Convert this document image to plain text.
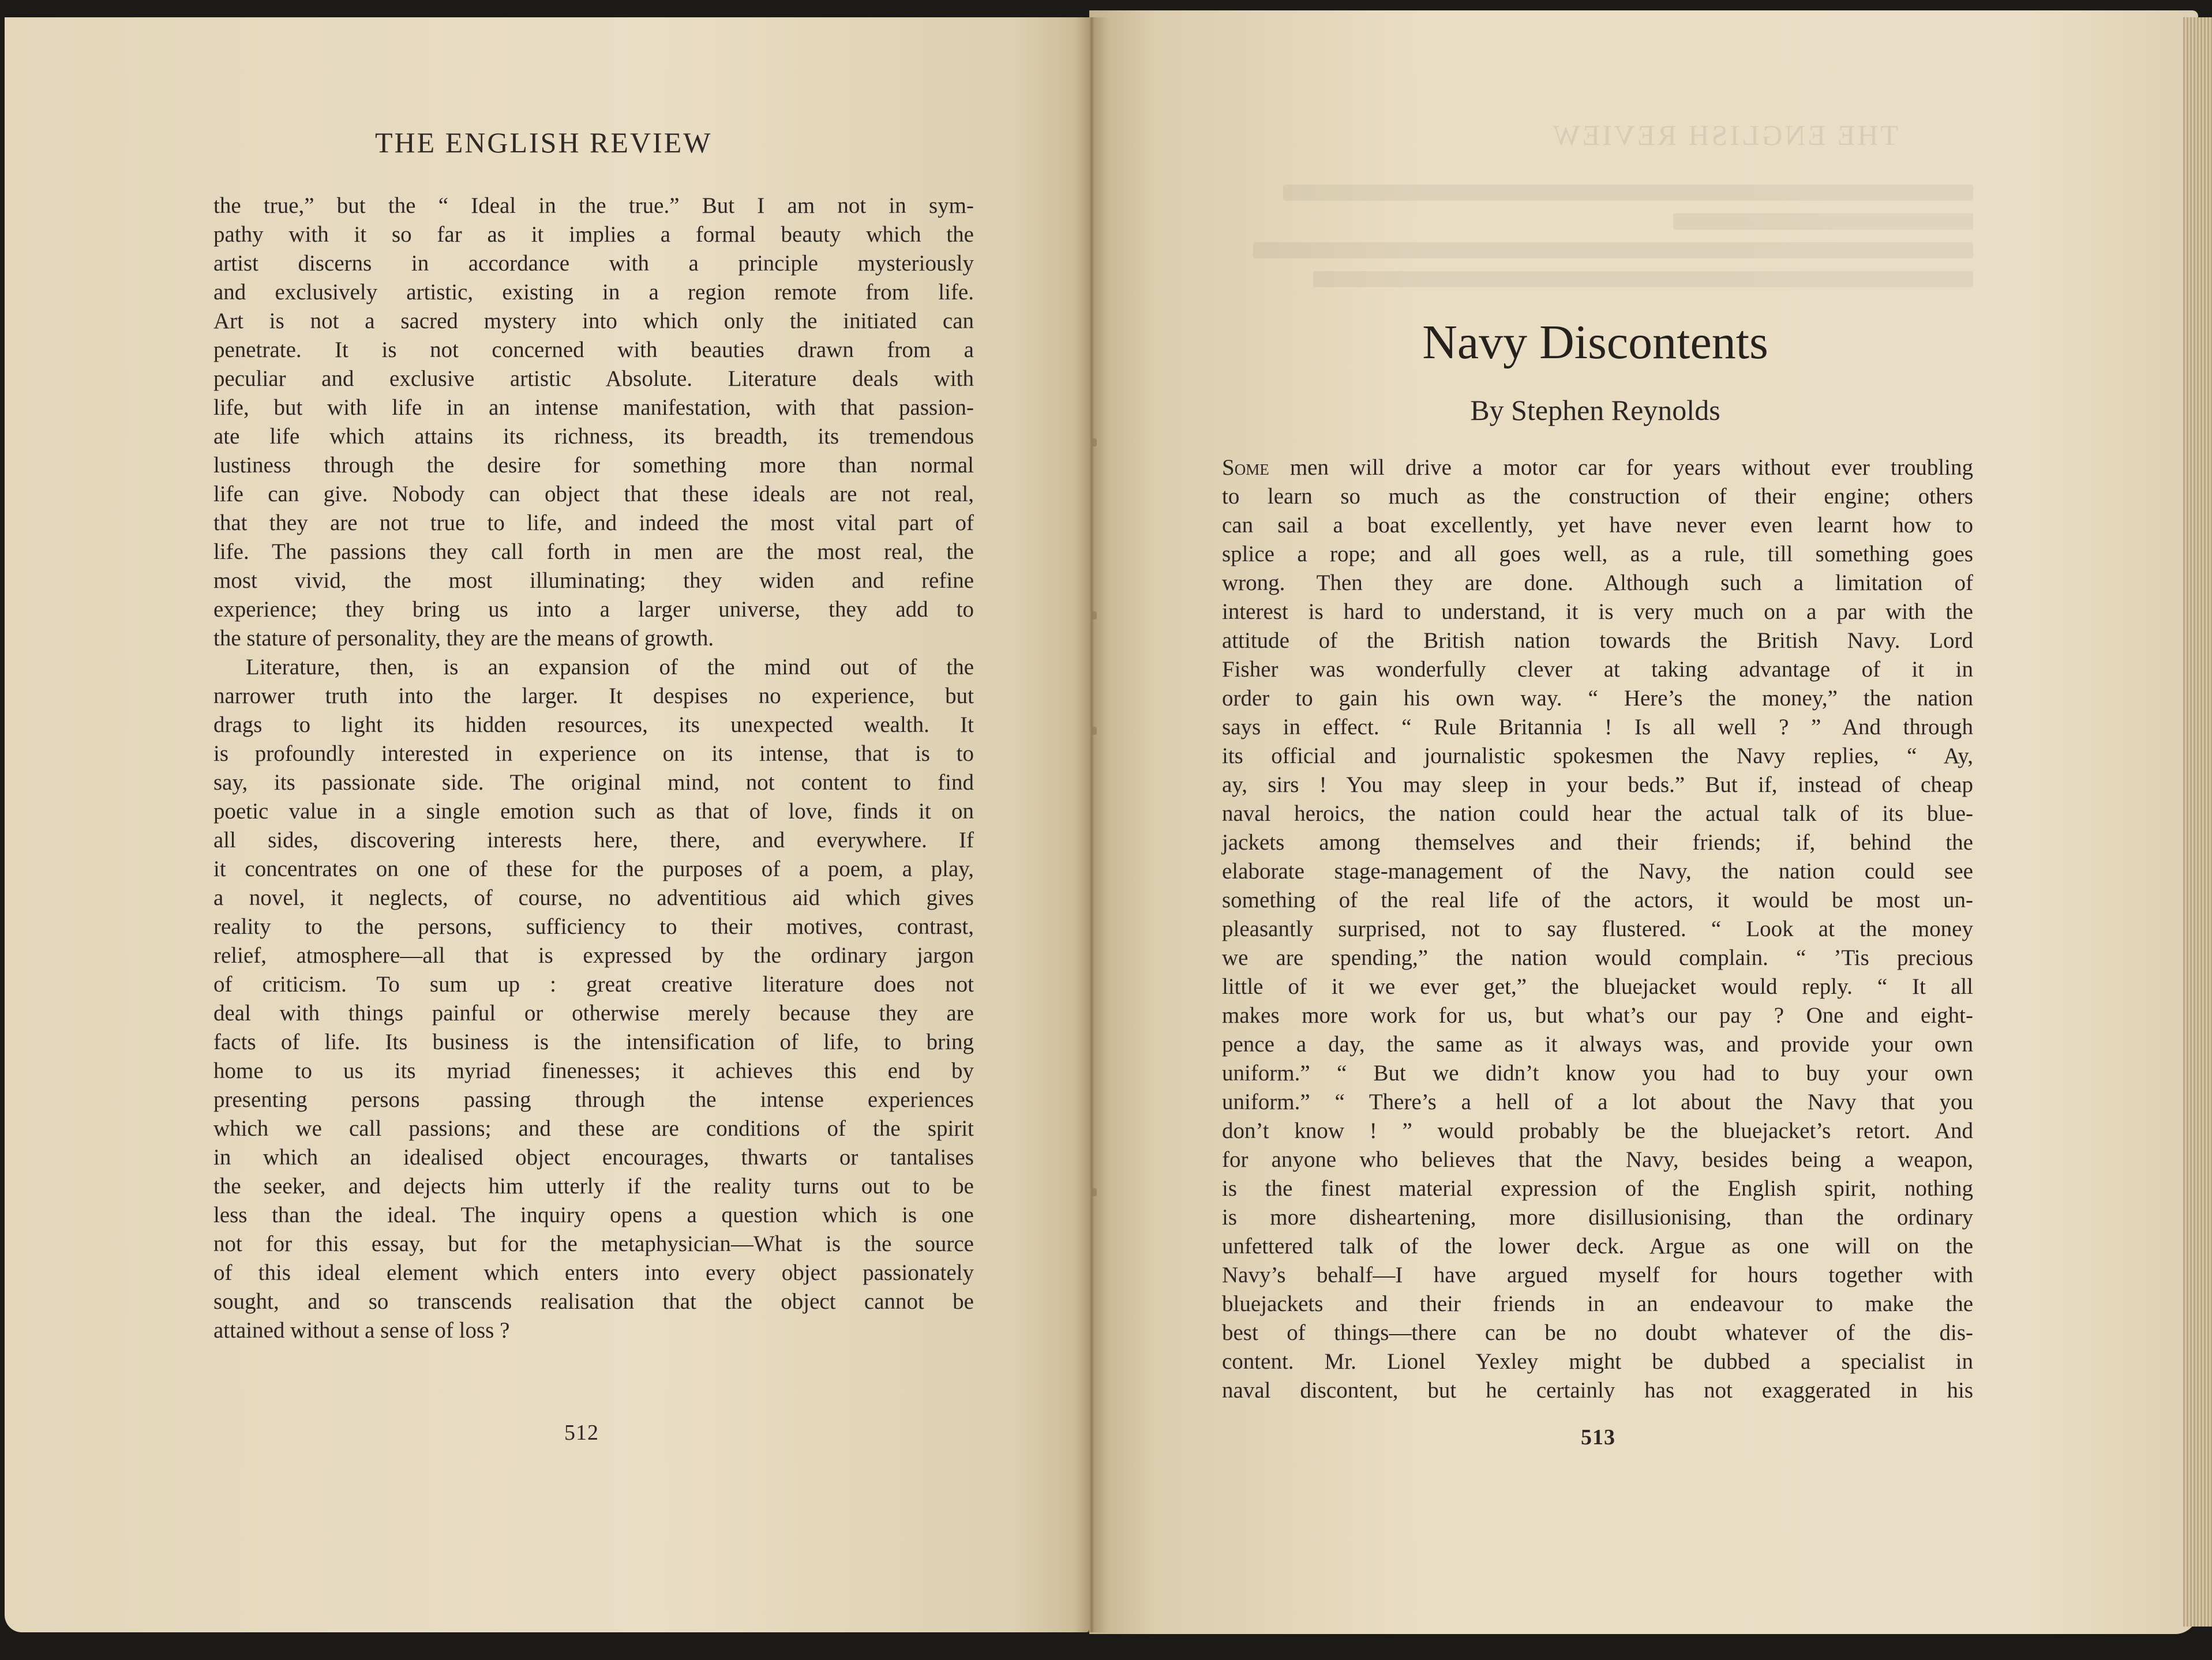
THE ENGLISH REVIEW	THE ENGLISH REVIEW
the true,” but the “ Ideal in the true.” But I am not in sym-
pathy with it so far as it implies a formal beauty which the
artist discerns in accordance with a principle mysteriously
and exclusively artistic, existing in a region remote from life.
Art is not a sacred mystery into which only the initiated can
penetrate. It is not concerned with beauties drawn from a
peculiar and exclusive artistic Absolute. Literature deals with
life, but with life in an intense manifestation, with that passion-
ate life which attains its richness, its breadth, its tremendous
lustiness through the desire for something more than normal
life can give. Nobody can object that these ideals are not real,
that they are not true to life, and indeed the most vital part of
life. The passions they call forth in men are the most real, the
most vivid, the most illuminating; they widen and refine
experience; they bring us into a larger universe, they add to
the stature of personality, they are the means of growth.
Literature, then, is an expansion of the mind out of the
narrower truth into the larger. It despises no experience, but
drags to light its hidden resources, its unexpected wealth. It
is profoundly interested in experience on its intense, that is to
say, its passionate side. The original mind, not content to find
poetic value in a single emotion such as that of love, finds it on
all sides, discovering interests here, there, and everywhere. If
it concentrates on one of these for the purposes of a poem, a play,
a novel, it neglects, of course, no adventitious aid which gives
reality to the persons, sufficiency to their motives, contrast,
relief, atmosphere—all that is expressed by the ordinary jargon
of criticism. To sum up : great creative literature does not
deal with things painful or otherwise merely because they are
facts of life. Its business is the intensification of life, to bring
home to us its myriad finenesses; it achieves this end by
presenting persons passing through the intense experiences
which we call passions; and these are conditions of the spirit
in which an idealised object encourages, thwarts or tantalises
the seeker, and dejects him utterly if the reality turns out to be
less than the ideal. The inquiry opens a question which is one
not for this essay, but for the metaphysician—What is the source
of this ideal element which enters into every object passionately
sought, and so transcends realisation that the object cannot be
attained without a sense of loss ?
512
Navy Discontents
By Stephen Reynolds
Some men will drive a motor car for years without ever troubling
to learn so much as the construction of their engine; others
can sail a boat excellently, yet have never even learnt how to
splice a rope; and all goes well, as a rule, till something goes
wrong. Then they are done. Although such a limitation of
interest is hard to understand, it is very much on a par with the
attitude of the British nation towards the British Navy. Lord
Fisher was wonderfully clever at taking advantage of it in
order to gain his own way. “ Here’s the money,” the nation
says in effect. “ Rule Britannia ! Is all well ? ” And through
its official and journalistic spokesmen the Navy replies, “ Ay,
ay, sirs ! You may sleep in your beds.” But if, instead of cheap
naval heroics, the nation could hear the actual talk of its blue-
jackets among themselves and their friends; if, behind the
elaborate stage-management of the Navy, the nation could see
something of the real life of the actors, it would be most un-
pleasantly surprised, not to say flustered. “ Look at the money
we are spending,” the nation would complain. “ ’Tis precious
little of it we ever get,” the bluejacket would reply. “ It all
makes more work for us, but what’s our pay ? One and eight-
pence a day, the same as it always was, and provide your own
uniform.” “ But we didn’t know you had to buy your own
uniform.” “ There’s a hell of a lot about the Navy that you
don’t know ! ” would probably be the bluejacket’s retort. And
for anyone who believes that the Navy, besides being a weapon,
is the finest material expression of the English spirit, nothing
is more disheartening, more disillusionising, than the ordinary
unfettered talk of the lower deck. Argue as one will on the
Navy’s behalf—I have argued myself for hours together with
bluejackets and their friends in an endeavour to make the
best of things—there can be no doubt whatever of the dis-
content. Mr. Lionel Yexley might be dubbed a specialist in
naval discontent, but he certainly has not exaggerated in his
513
